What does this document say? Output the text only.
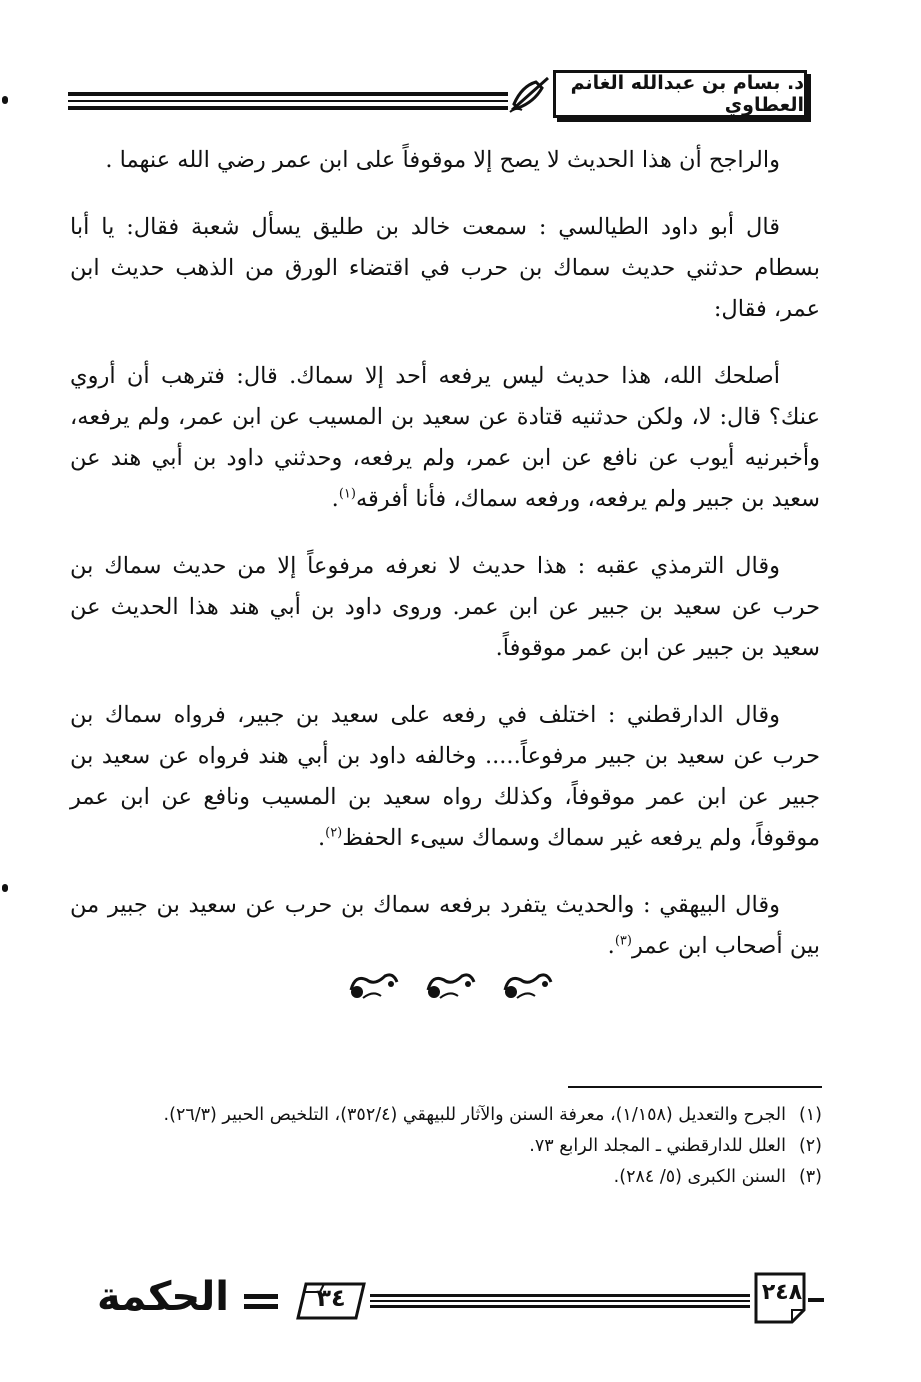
د. بسام بن عبدالله الغانم العطاوي

والراجح أن هذا الحديث لا يصح إلا موقوفاً على ابن عمر رضي الله عنهما .

قال أبو داود الطيالسي : سمعت خالد بن طليق يسأل شعبة فقال: يا أبا بسطام حدثني حديث سماك بن حرب في اقتضاء الورق من الذهب حديث ابن عمر، فقال:

أصلحك الله، هذا حديث ليس يرفعه أحد إلا سماك. قال: فترهب أن أروي عنك؟ قال: لا، ولكن حدثنيه قتادة عن سعيد بن المسيب عن ابن عمر، ولم يرفعه، وأخبرنيه أيوب عن نافع عن ابن عمر، ولم يرفعه، وحدثني داود بن أبي هند عن سعيد بن جبير ولم يرفعه، ورفعه سماك، فأنا أفرقه$^{(١)}$.

وقال الترمذي عقبه : هذا حديث لا نعرفه مرفوعاً إلا من حديث سماك بن حرب عن سعيد بن جبير عن ابن عمر. وروى داود بن أبي هند هذا الحديث عن سعيد بن جبير عن ابن عمر موقوفاً.

وقال الدارقطني : اختلف في رفعه على سعيد بن جبير، فرواه سماك بن حرب عن سعيد بن جبير مرفوعاً..... وخالفه داود بن أبي هند فرواه عن سعيد بن جبير عن ابن عمر موقوفاً، وكذلك رواه سعيد بن المسيب ونافع عن ابن عمر موقوفاً، ولم يرفعه غير سماك وسماك سيىء الحفظ$^{(٢)}$.

وقال البيهقي : والحديث يتفرد برفعه سماك بن حرب عن سعيد بن جبير من بين أصحاب ابن عمر$^{(٣)}$.

(١)
الجرح والتعديل (١/١٥٨)، معرفة السنن والآثار للبيهقي (٣٥٢/٤)، التلخيص الحبير (٢٦/٣).
(٢)
العلل للدارقطني ـ المجلد الرابع ٧٣.
(٣)
السنن الكبرى (٥/ ٢٨٤).
الحكمة	٣٤	٢٤٨
